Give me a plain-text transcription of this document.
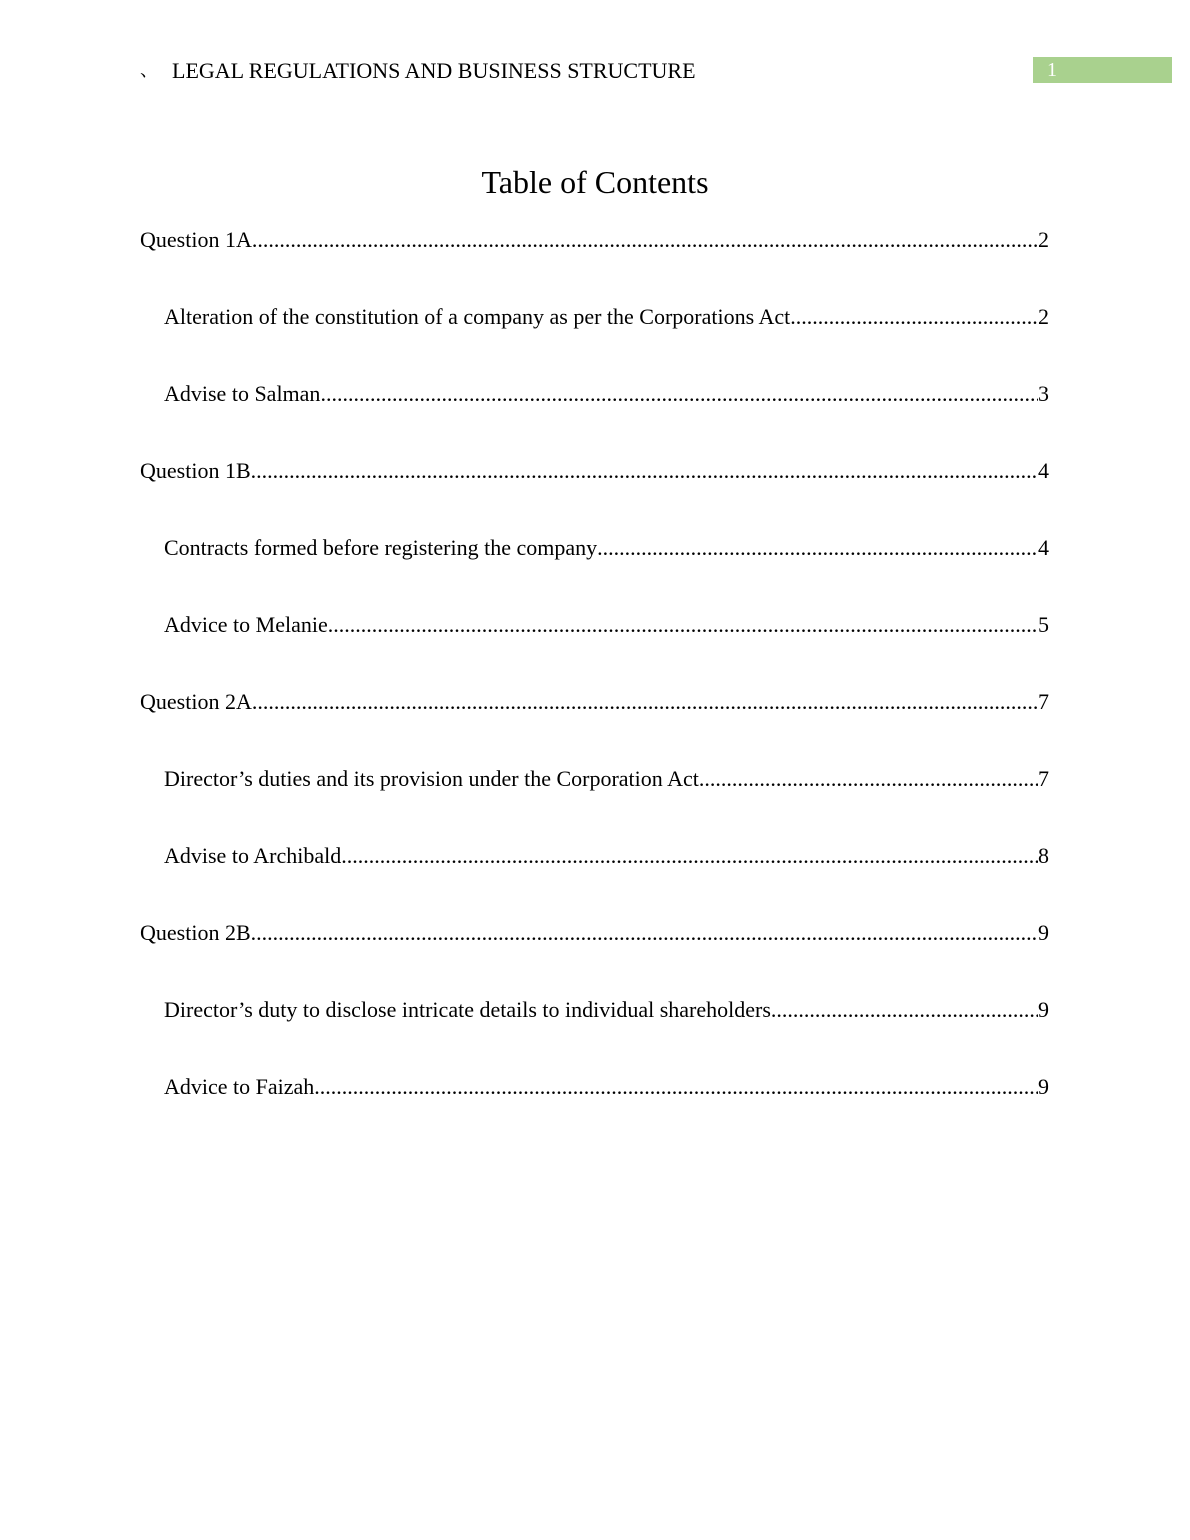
、 LEGAL REGULATIONS AND BUSINESS STRUCTURE	1
Table of Contents
Question 1A .....	2
Alteration of the constitution of a company as per the Corporations Act .....	2
Advise to Salman .....	3
Question 1B .....	4
Contracts formed before registering the company .....	4
Advice to Melanie .....	5
Question 2A .....	7
Director’s duties and its provision under the Corporation Act .....	7
Advise to Archibald .....	8
Question 2B .....	9
Director’s duty to disclose intricate details to individual shareholders .....	9
Advice to Faizah .....	9
